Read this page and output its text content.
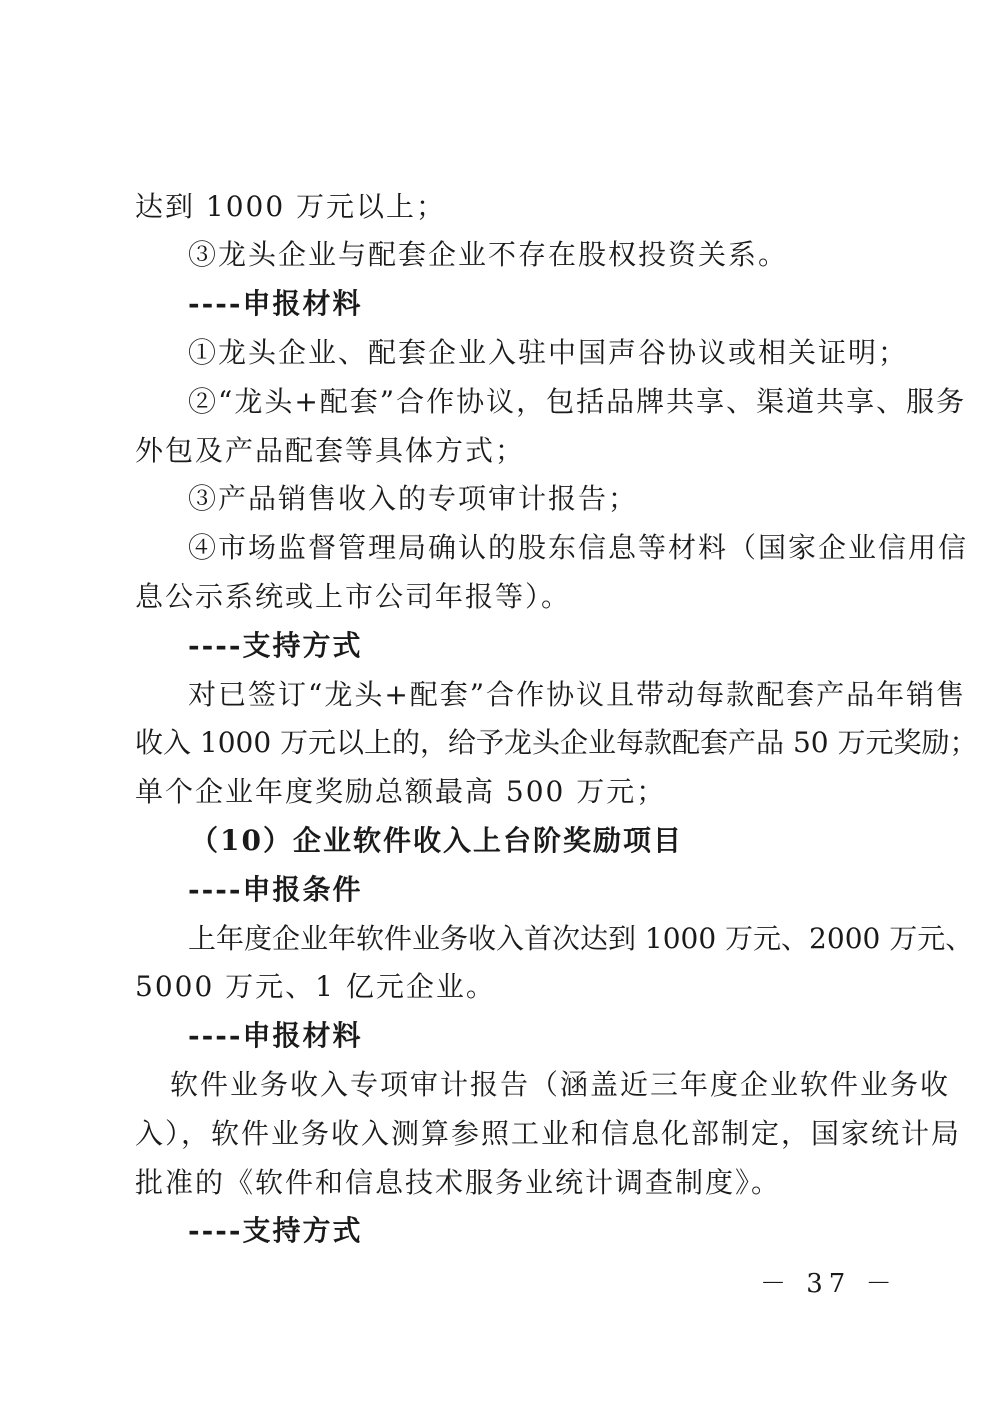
达到 1000 万元以上；
③龙头企业与配套企业不存在股权投资关系。
----申报材料
①龙头企业、配套企业入驻中国声谷协议或相关证明；
②“龙头+配套”合作协议，包括品牌共享、渠道共享、服务
外包及产品配套等具体方式；
③产品销售收入的专项审计报告；
④市场监督管理局确认的股东信息等材料（国家企业信用信
息公示系统或上市公司年报等）。
----支持方式
对已签订“龙头+配套”合作协议且带动每款配套产品年销售
收入 1000 万元以上的，给予龙头企业每款配套产品 50 万元奖励；
单个企业年度奖励总额最高 500 万元；
（10）企业软件收入上台阶奖励项目
----申报条件
上年度企业年软件业务收入首次达到 1000 万元、2000 万元、
5000 万元、1 亿元企业。
----申报材料
软件业务收入专项审计报告（涵盖近三年度企业软件业务收
入），软件业务收入测算参照工业和信息化部制定，国家统计局
批准的《软件和信息技术服务业统计调查制度》。
----支持方式
－ 37 －
